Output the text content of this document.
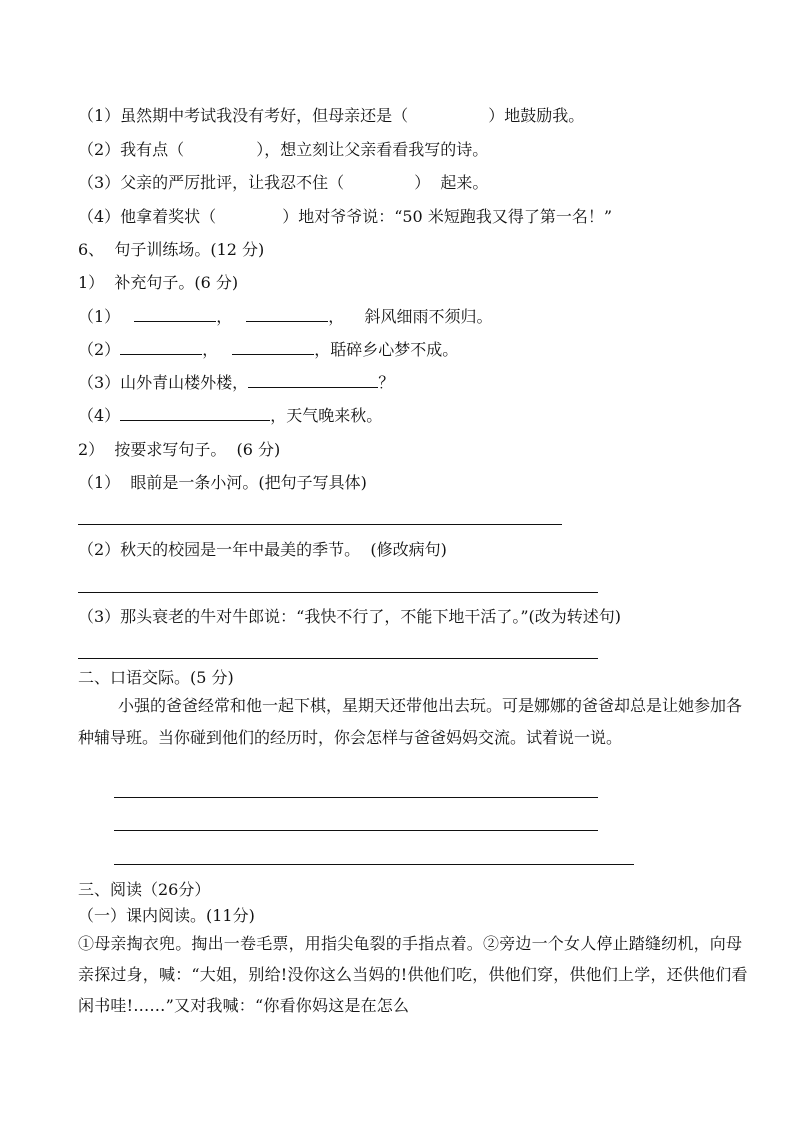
（1）虽然期中考试我没有考好，但母亲还是（	）地鼓励我。
（2）我有点（	），想立刻让父亲看看我写的诗。
（3）父亲的严厉批评，让我忍不住（	）  起来。
（4）他拿着奖状（	）地对爷爷说：“50 米短跑我又得了第一名！”
6、  句子训练场。(12 分)
1）  补充句子。(6 分)
（1）	，	，    斜风细雨不须归。
（2）	，	，聒碎乡心梦不成。
（3）山外青山楼外楼，	？
（4）	，天气晚来秋。
2）  按要求写句子。  (6 分)
（1）  眼前是一条小河。(把句子写具体)
（2）秋天的校园是一年中最美的季节。  (修改病句)
（3）那头衰老的牛对牛郎说：“我快不行了，不能下地干活了。”(改为转述句)
二、口语交际。(5 分)
小强的爸爸经常和他一起下棋，星期天还带他出去玩。可是娜娜的爸爸却总是让她参加各种辅导班。当你碰到他们的经历时，你会怎样与爸爸妈妈交流。试着说一说。
三、阅读（26分）
（一）课内阅读。(11分)
①母亲掏衣兜。掏出一卷毛票，用指尖龟裂的手指点着。②旁边一个女人停止踏缝纫机，向母亲探过身，喊：“大姐，别给!没你这么当妈的!供他们吃，供他们穿，供他们上学，还供他们看闲书哇!……”又对我喊：“你看你妈这是在怎么
